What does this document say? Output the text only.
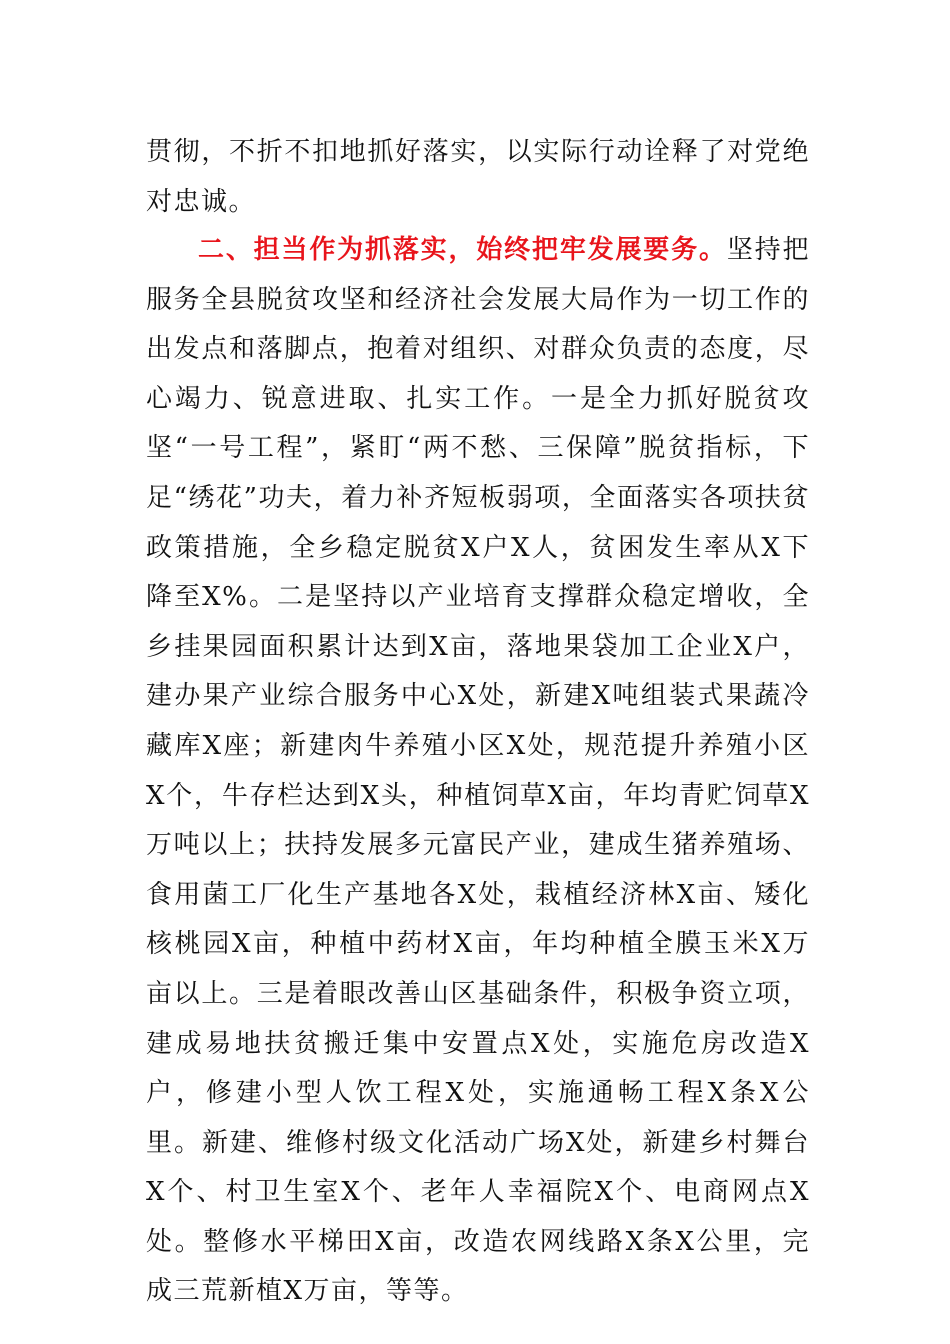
贯彻，不折不扣地抓好落实，以实际行动诠释了对党绝对忠诚。

二、担当作为抓落实，始终把牢发展要务。坚持把服务全县脱贫攻坚和经济社会发展大局作为一切工作的出发点和落脚点，抱着对组织、对群众负责的态度，尽心竭力、锐意进取、扎实工作。一是全力抓好脱贫攻坚“一号工程”，紧盯“两不愁、三保障”脱贫指标，下足“绣花”功夫，着力补齐短板弱项，全面落实各项扶贫政策措施，全乡稳定脱贫X户X人，贫困发生率从X下降至X%。二是坚持以产业培育支撑群众稳定增收，全乡挂果园面积累计达到X亩，落地果袋加工企业X户，建办果产业综合服务中心X处，新建X吨组装式果蔬冷藏库X座；新建肉牛养殖小区X处，规范提升养殖小区X个，牛存栏达到X头，种植饲草X亩，年均青贮饲草X万吨以上；扶持发展多元富民产业，建成生猪养殖场、食用菌工厂化生产基地各X处，栽植经济林X亩、矮化核桃园X亩，种植中药材X亩，年均种植全膜玉米X万亩以上。三是着眼改善山区基础条件，积极争资立项，建成易地扶贫搬迁集中安置点X处，实施危房改造X户，修建小型人饮工程X处，实施通畅工程X条X公里。新建、维修村级文化活动广场X处，新建乡村舞台X个、村卫生室X个、老年人幸福院X个、电商网点X处。整修水平梯田X亩，改造农网线路X条X公里，完成三荒新植X万亩，等等。
